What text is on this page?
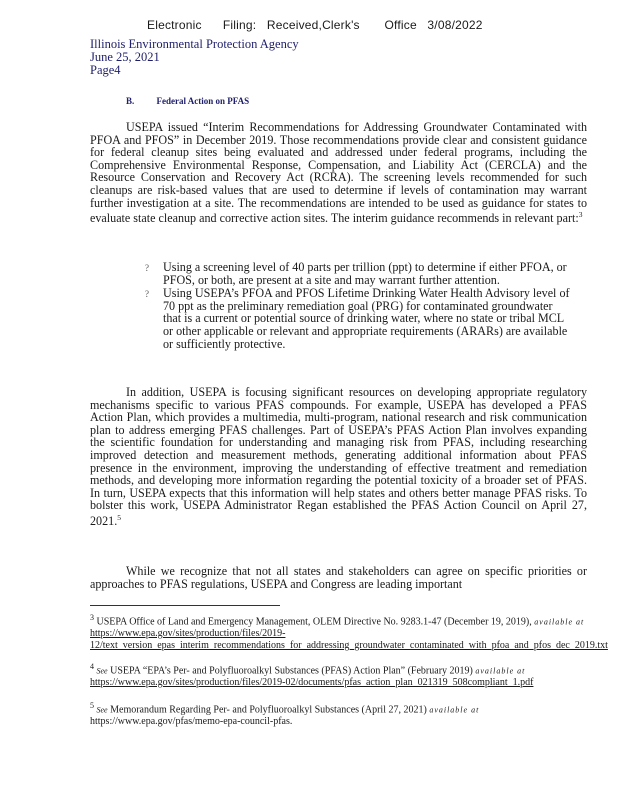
Electronic      Filing:   Received,Clerk's       Office   3/08/2022
Illinois Environmental Protection Agency
June 25, 2021
Page4
B. Federal Action on PFAS

USEPA issued “Interim Recommendations for Addressing Groundwater Contaminated with PFOA and PFOS” in December 2019. Those recommendations provide clear and consistent guidance for federal cleanup sites being evaluated and addressed under federal programs, including the Comprehensive Environmental Response, Compensation, and Liability Act (CERCLA) and the Resource Conservation and Recovery Act (RCRA). The screening levels recommended for such cleanups are risk-based values that are used to determine if levels of contamination may warrant further investigation at a site. The recommendations are intended to be used as guidance for states to evaluate state cleanup and corrective action sites. The interim guidance recommends in relevant part:$^3$

? Using a screening level of 40 parts per trillion (ppt) to determine if either PFOA, or PFOS, or both, are present at a site and may warrant further attention.
? Using USEPA’s PFOA and PFOS Lifetime Drinking Water Health Advisory level of 70 ppt as the preliminary remediation goal (PRG) for contaminated groundwater that is a current or potential source of drinking water, where no state or tribal MCL or other applicable or relevant and appropriate requirements (ARARs) are available or sufficiently protective.

In addition, USEPA is focusing significant resources on developing appropriate regulatory mechanisms specific to various PFAS compounds. For example, USEPA has developed a PFAS Action Plan, which provides a multimedia, multi-program, national research and risk communication plan to address emerging PFAS challenges. Part of USEPA’s PFAS Action Plan involves expanding the scientific foundation for understanding and managing risk from PFAS, including researching improved detection and measurement methods, generating additional information about PFAS presence in the environment, improving the understanding of effective treatment and remediation methods, and developing more information regarding the potential toxicity of a broader set of PFAS. In turn, USEPA expects that this information will help states and others better manage PFAS risks. To bolster this work, USEPA Administrator Regan established the PFAS Action Council on April 27, 2021.$^5$

While we recognize that not all states and stakeholders can agree on specific priorities or approaches to PFAS regulations, USEPA and Congress are leading important

$^3$ USEPA Office of Land and Emergency Management, OLEM Directive No. 9283.1-47 (December 19, 2019), available at https://www.epa.gov/sites/production/files/2019-12/text_version_epas_interim_recommendations_for_addressing_groundwater_contaminated_with_pfoa_and_pfos_dec_2019.txt
$^4$ See USEPA “EPA’s Per- and Polyfluoroalkyl Substances (PFAS) Action Plan” (February 2019) available at https://www.epa.gov/sites/production/files/2019-02/documents/pfas_action_plan_021319_508compliant_1.pdf
$^5$ See Memorandum Regarding Per- and Polyfluoroalkyl Substances (April 27, 2021) available at https://www.epa.gov/pfas/memo-epa-council-pfas.
